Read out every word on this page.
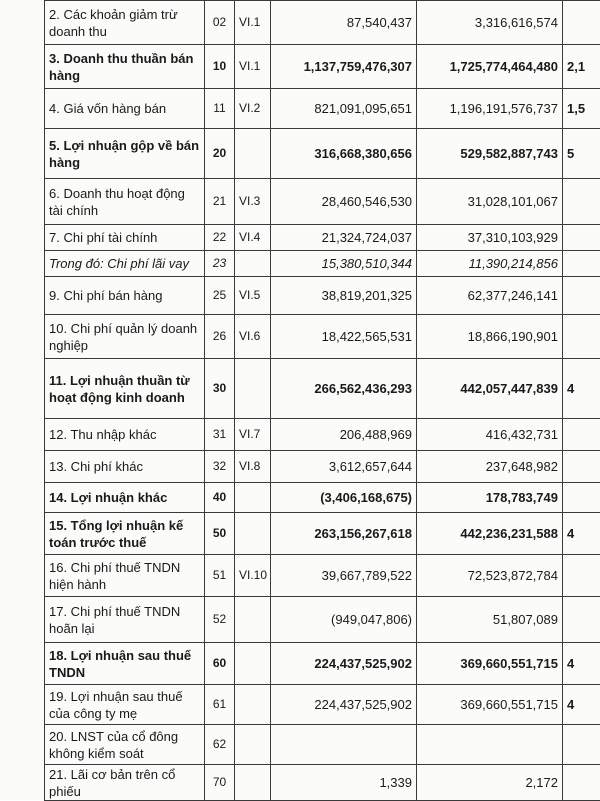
2. Các khoản giảm trừ doanh thu	02	VI.1	87,540,437	3,316,616,574	
3. Doanh thu thuần bán hàng	10	VI.1	1,137,759,476,307	1,725,774,464,480	2,1
4. Giá vốn hàng bán	11	VI.2	821,091,095,651	1,196,191,576,737	1,5
5. Lợi nhuận gộp về bán hàng	20		316,668,380,656	529,582,887,743	5
6. Doanh thu hoạt động tài chính	21	VI.3	28,460,546,530	31,028,101,067	
7. Chi phí tài chính	22	VI.4	21,324,724,037	37,310,103,929	
Trong đó: Chi phí lãi vay	23		15,380,510,344	11,390,214,856	
9. Chi phí bán hàng	25	VI.5	38,819,201,325	62,377,246,141	
10. Chi phí quản lý doanh nghiệp	26	VI.6	18,422,565,531	18,866,190,901	
11. Lợi nhuận thuần từ hoạt động kinh doanh	30		266,562,436,293	442,057,447,839	4
12. Thu nhập khác	31	VI.7	206,488,969	416,432,731	
13. Chi phí khác	32	VI.8	3,612,657,644	237,648,982	
14. Lợi nhuận khác	40		(3,406,168,675)	178,783,749	
15. Tổng lợi nhuận kế toán trước thuế	50		263,156,267,618	442,236,231,588	4
16. Chi phí thuế TNDN hiện hành	51	VI.10	39,667,789,522	72,523,872,784	
17. Chi phí thuế TNDN hoãn lại	52		(949,047,806)	51,807,089	
18. Lợi nhuận sau thuế TNDN	60		224,437,525,902	369,660,551,715	4
19. Lợi nhuận sau thuế của công ty mẹ	61		224,437,525,902	369,660,551,715	4
20. LNST của cổ đông không kiểm soát	62				
21. Lãi cơ bản trên cổ phiếu	70		1,339	2,172	
